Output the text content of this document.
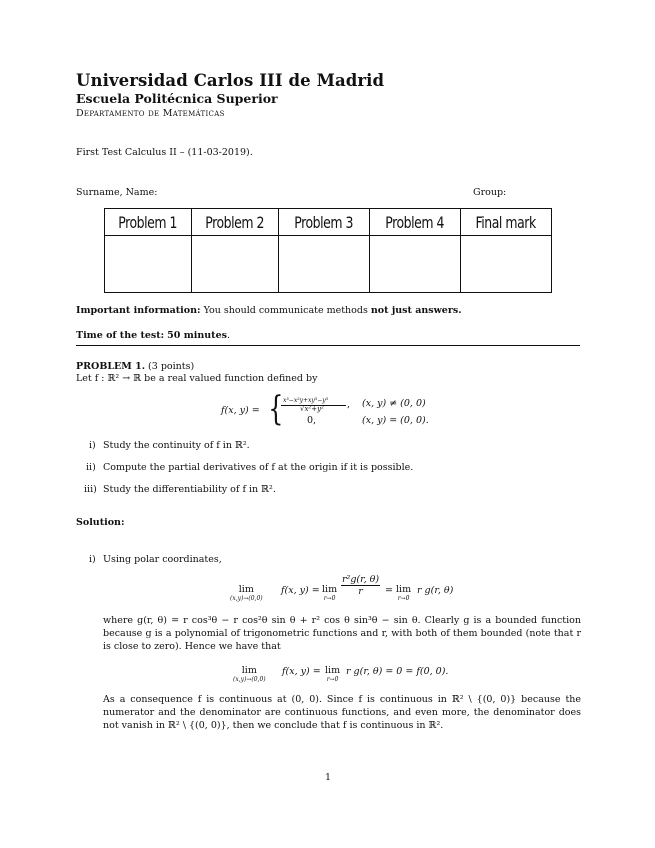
Universidad Carlos III de Madrid
Escuela Politécnica Superior
Departamento de Matemáticas
First Test Calculus II – (11-03-2019).
Surname, Name:	Group:
Problem 1	Problem 2	Problem 3	Problem 4	Final mark

Important information: You should communicate methods not just answers.
Time of the test: 50 minutes.
PROBLEM 1. (3 points)
Let f : ℝ² → ℝ be a real valued function defined by
f(x, y) = { x³−x²y+xy³−y³
√x²+y² , (x, y) ≠ (0, 0)
0,	(x, y) = (0, 0).
i) Study the continuity of f in ℝ².
ii) Compute the partial derivatives of f at the origin if it is possible.
iii) Study the differentiability of f in ℝ².
Solution:
i) Using polar coordinates,
lim
(x,y)→(0,0)
f(x, y) = lim
r→0
$\frac{\text{r²g(r, θ)}}{r} = \lim$
r→0
r g(r, θ)
where g(r, θ) = r cos³θ − r cos²θ sin θ + r² cos θ sin³θ − sin θ. Clearly g is a bounded function because g is a polynomial of trigonometric functions and r, with both of them bounded (note that r is close to zero). Hence we have that
lim
(x,y)→(0,0)
f(x, y) = lim
r→0
r g(r, θ) = 0 = f(0, 0).
As a consequence f is continuous at (0, 0). Since f is continuous in ℝ² \ {(0, 0)} because the numerator and the denominator are continuous functions, and even more, the denominator does not vanish in ℝ² \ {(0, 0)}, then we conclude that f is continuous in ℝ².
1
